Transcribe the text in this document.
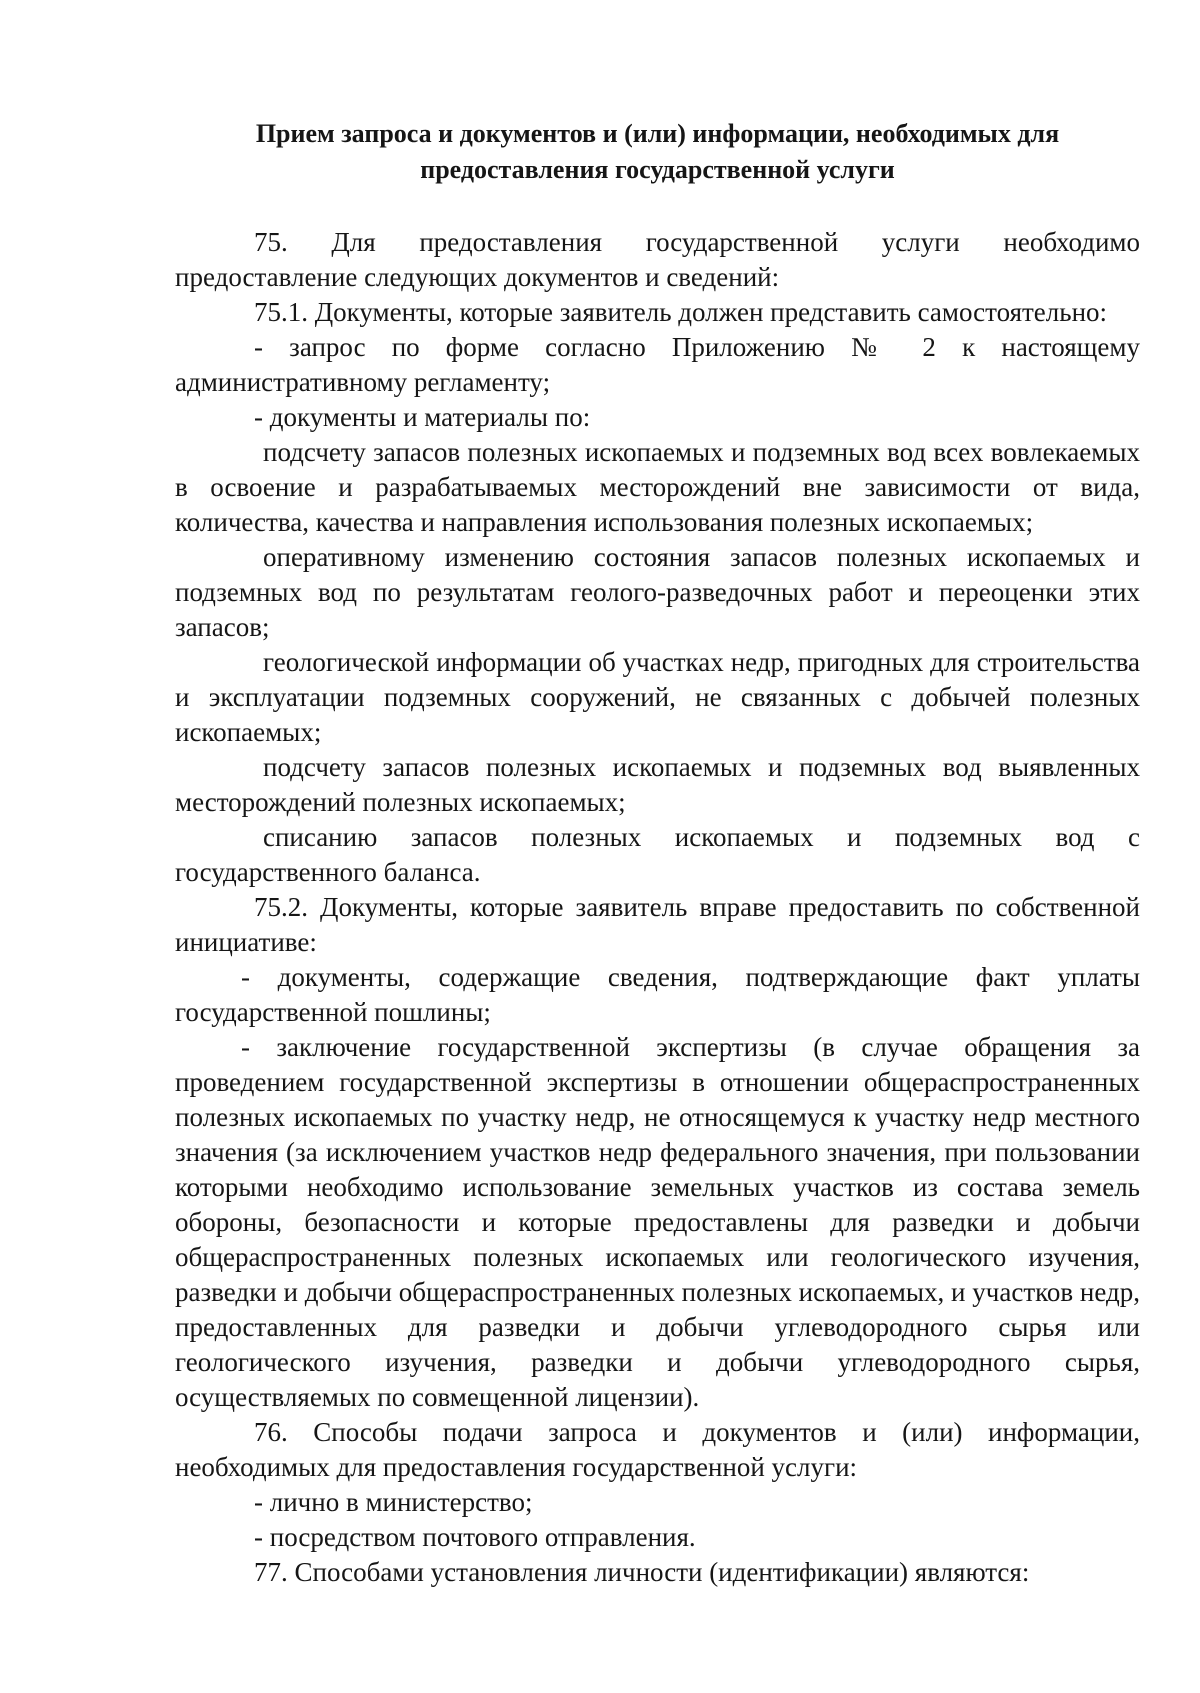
Прием запроса и документов и (или) информации, необходимых для
предоставления государственной услуги

75. Для предоставления государственной услуги необходимо предоставление следующих документов и сведений:

75.1. Документы, которые заявитель должен представить самостоятельно:

- запрос по форме согласно Приложению № 2 к настоящему административному регламенту;

- документы и материалы по:

подсчету запасов полезных ископаемых и подземных вод всех вовлекаемых в освоение и разрабатываемых месторождений вне зависимости от вида, количества, качества и направления использования полезных ископаемых;

оперативному изменению состояния запасов полезных ископаемых и подземных вод по результатам геолого-разведочных работ и переоценки этих запасов;

геологической информации об участках недр, пригодных для строительства и эксплуатации подземных сооружений, не связанных с добычей полезных ископаемых;

подсчету запасов полезных ископаемых и подземных вод выявленных месторождений полезных ископаемых;

списанию запасов полезных ископаемых и подземных вод с государственного баланса.

75.2. Документы, которые заявитель вправе предоставить по собственной инициативе:

- документы, содержащие сведения, подтверждающие факт уплаты государственной пошлины;

- заключение государственной экспертизы (в случае обращения за проведением государственной экспертизы в отношении общераспространенных полезных ископаемых по участку недр, не относящемуся к участку недр местного значения (за исключением участков недр федерального значения, при пользовании которыми необходимо использование земельных участков из состава земель обороны, безопасности и которые предоставлены для разведки и добычи общераспространенных полезных ископаемых или геологического изучения, разведки и добычи общераспространенных полезных ископаемых, и участков недр, предоставленных для разведки и добычи углеводородного сырья или геологического изучения, разведки и добычи углеводородного сырья, осуществляемых по совмещенной лицензии).

76. Способы подачи запроса и документов и (или) информации, необходимых для предоставления государственной услуги:

- лично в министерство;

- посредством почтового отправления.

77. Способами установления личности (идентификации) являются:
